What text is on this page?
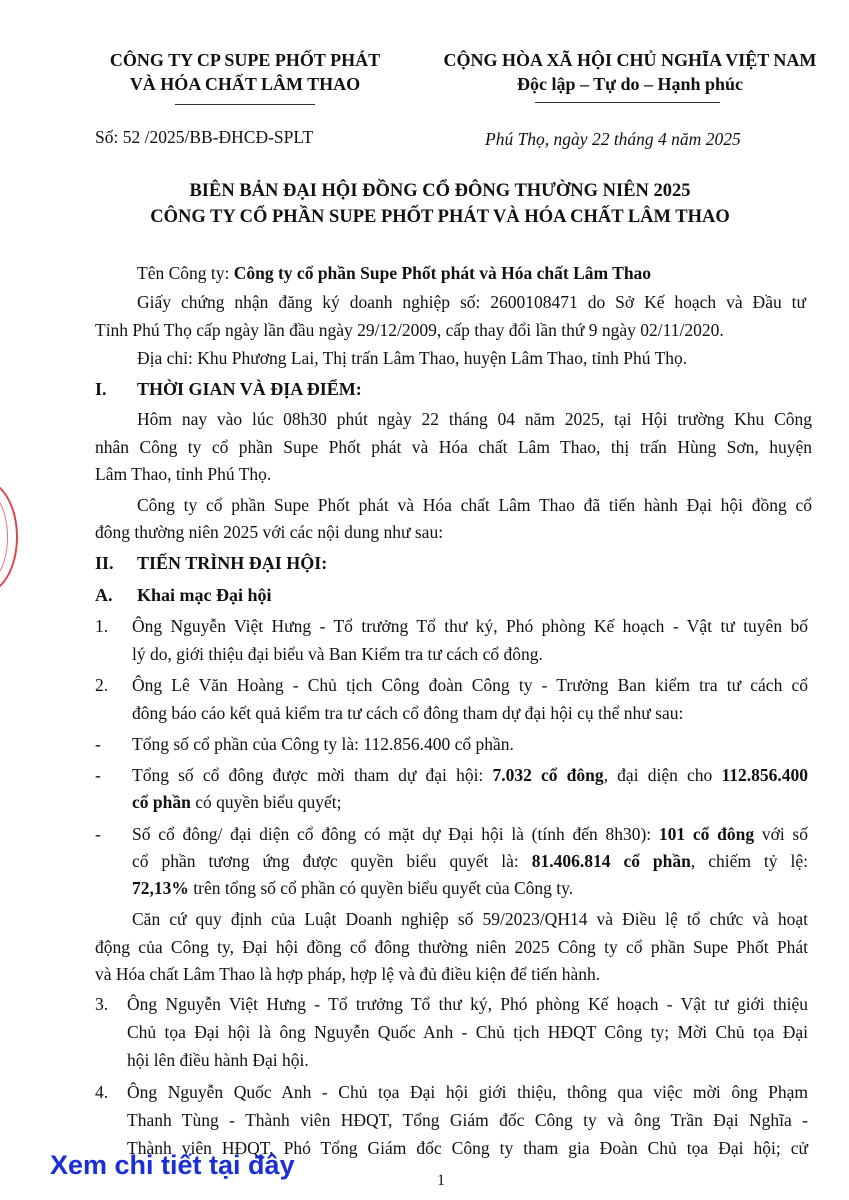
CÔNG TY CP SUPE PHỐT PHÁT
VÀ HÓA CHẤT LÂM THAO
CỘNG HÒA XÃ HỘI CHỦ NGHĨA VIỆT NAM
Độc lập – Tự do – Hạnh phúc
Số: 52 /2025/BB-ĐHCĐ-SPLT	Phú Thọ, ngày 22 tháng 4 năm 2025
BIÊN BẢN ĐẠI HỘI ĐỒNG CỔ ĐÔNG THƯỜNG NIÊN 2025
CÔNG TY CỔ PHẦN SUPE PHỐT PHÁT VÀ HÓA CHẤT LÂM THAO
Tên Công ty: Công ty cổ phần Supe Phốt phát và Hóa chất Lâm Thao
Giấy chứng nhận đăng ký doanh nghiệp số: 2600108471 do Sở Kế hoạch và Đầu tư
Tỉnh Phú Thọ cấp ngày lần đầu ngày 29/12/2009, cấp thay đổi lần thứ 9 ngày 02/11/2020.
Địa chỉ: Khu Phương Lai, Thị trấn Lâm Thao, huyện Lâm Thao, tỉnh Phú Thọ.
I. THỜI GIAN VÀ ĐỊA ĐIỂM:
Hôm nay vào lúc 08h30 phút ngày 22 tháng 04 năm 2025, tại Hội trường Khu Công
nhân Công ty cổ phần Supe Phốt phát và Hóa chất Lâm Thao, thị trấn Hùng Sơn, huyện
Lâm Thao, tỉnh Phú Thọ.
Công ty cổ phần Supe Phốt phát và Hóa chất Lâm Thao đã tiến hành Đại hội đồng cổ
đông thường niên 2025 với các nội dung như sau:
II. TIẾN TRÌNH ĐẠI HỘI:
A. Khai mạc Đại hội
1. Ông Nguyễn Việt Hưng - Tổ trưởng Tổ thư ký, Phó phòng Kế hoạch - Vật tư tuyên bố
lý do, giới thiệu đại biểu và Ban Kiểm tra tư cách cổ đông.
2. Ông Lê Văn Hoàng - Chủ tịch Công đoàn Công ty - Trưởng Ban kiểm tra tư cách cổ
đông báo cáo kết quả kiểm tra tư cách cổ đông tham dự đại hội cụ thể như sau:
- Tổng số cổ phần của Công ty là: 112.856.400 cổ phần.
- Tổng số cổ đông được mời tham dự đại hội: 7.032 cổ đông, đại diện cho 112.856.400
cổ phần có quyền biểu quyết;
- Số cổ đông/ đại diện cổ đông có mặt dự Đại hội là (tính đến 8h30): 101 cổ đông với số
cổ phần tương ứng được quyền biểu quyết là: 81.406.814 cổ phần, chiếm tỷ lệ:
72,13% trên tổng số cổ phần có quyền biểu quyết của Công ty.
Căn cứ quy định của Luật Doanh nghiệp số 59/2023/QH14 và Điều lệ tổ chức và hoạt
động của Công ty, Đại hội đồng cổ đông thường niên 2025 Công ty cổ phần Supe Phốt Phát
và Hóa chất Lâm Thao là hợp pháp, hợp lệ và đủ điều kiện để tiến hành.
3. Ông Nguyễn Việt Hưng - Tổ trưởng Tổ thư ký, Phó phòng Kế hoạch - Vật tư giới thiệu
Chủ tọa Đại hội là ông Nguyễn Quốc Anh - Chủ tịch HĐQT Công ty; Mời Chủ tọa Đại
hội lên điều hành Đại hội.
4. Ông Nguyễn Quốc Anh - Chủ tọa Đại hội giới thiệu, thông qua việc mời ông Phạm
Thanh Tùng - Thành viên HĐQT, Tổng Giám đốc Công ty và ông Trần Đại Nghĩa -
Thành viên HĐQT, Phó Tổng Giám đốc Công ty tham gia Đoàn Chủ tọa Đại hội; cử
Xem chi tiết tại đây
1
